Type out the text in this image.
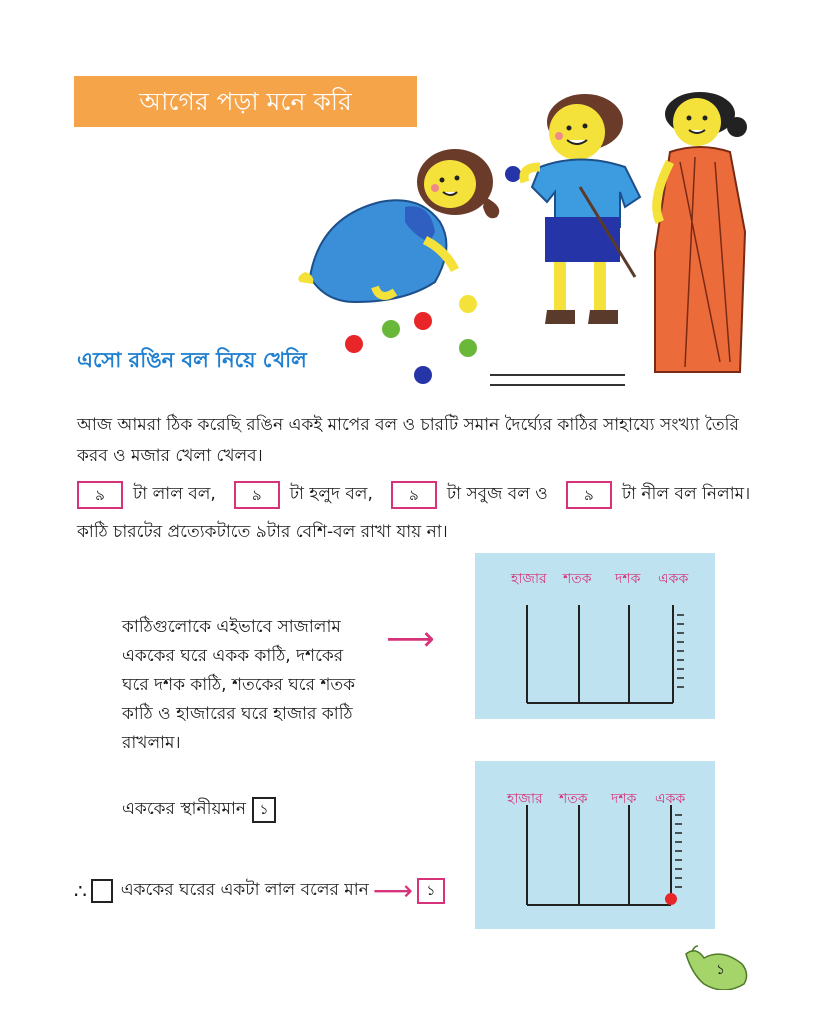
আগের পড়া মনে করি
এসো রঙিন বল নিয়ে খেলি
আজ আমরা ঠিক করেছি রঙিন একই মাপের বল ও চারটি সমান দৈর্ঘ্যের কাঠির সাহায্যে সংখ্যা তৈরি
করব ও মজার খেলা খেলব।
৯	টা লাল বল,	৯	টা হলুদ বল,	৯	টা সবুজ বল ও	৯	টা নীল বল নিলাম।
কাঠি চারটের প্রত্যেকটাতে ৯টার বেশি-বল রাখা যায় না।
কাঠিগুলোকে এইভাবে সাজালাম
এককের ঘরে একক কাঠি, দশকের
ঘরে দশক কাঠি, শতকের ঘরে শতক
কাঠি ও হাজারের ঘরে হাজার কাঠি
রাখলাম।
⟶
হাজার শতক দশক একক
এককের স্থানীয়মান ১
হাজার শতক দশক একক
∴ এককের ঘরের একটা লাল বলের মান ⟶ ১
১
